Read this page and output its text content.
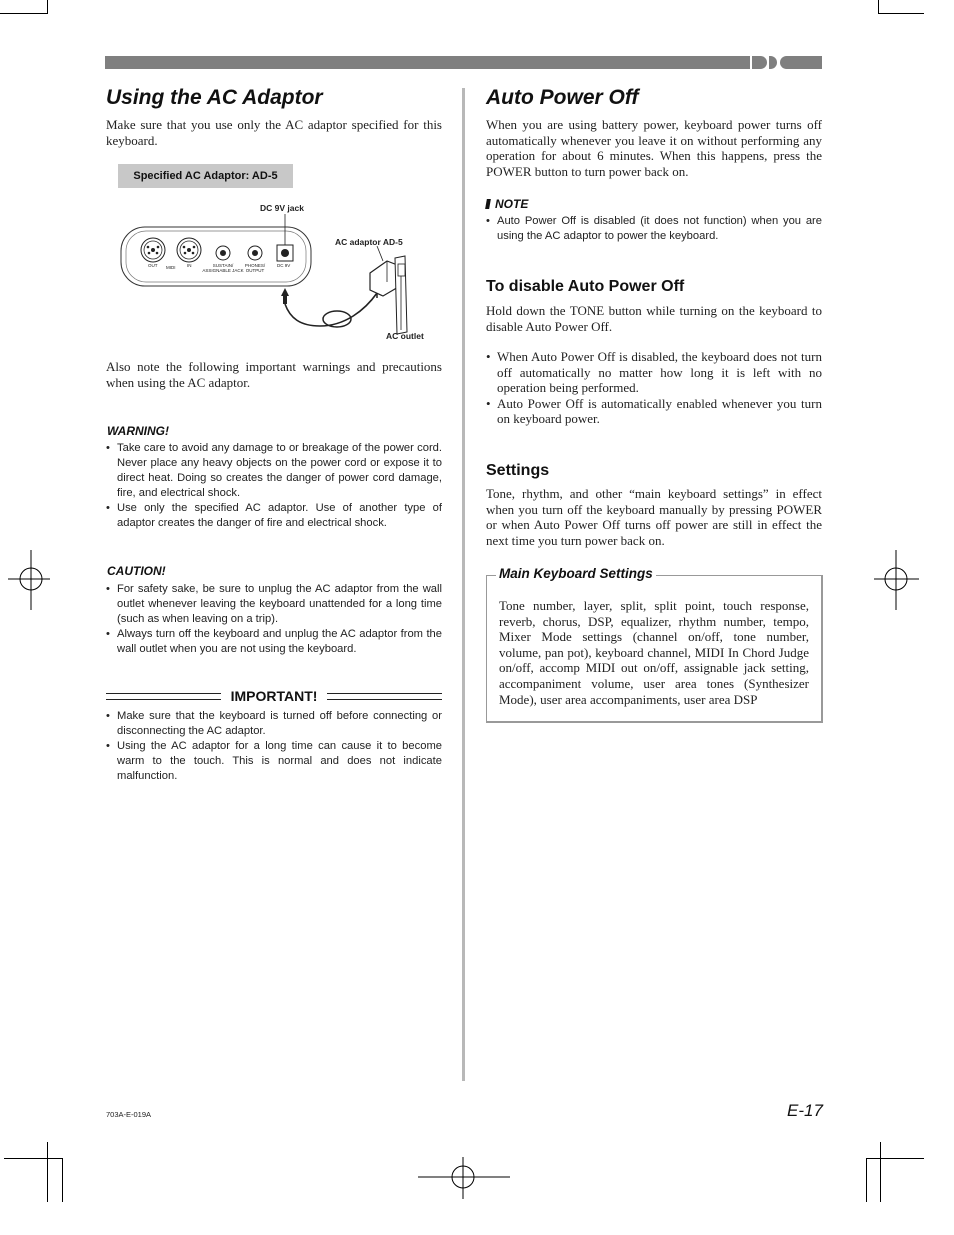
Using the AC Adaptor
Make sure that you use only the AC adaptor specified for this keyboard.
Specified AC Adaptor: AD-5
DC 9V jack
AC adaptor AD-5
AC outlet
OUT MIDI	IN	SUSTAIN/ ASSIGNABLE JACK
PHONES/ OUTPUT
DC 9V
Also note the following important warnings and precautions when using the AC adaptor.
WARNING!
• Take care to avoid any damage to or breakage of the power cord. Never place any heavy objects on the power cord or expose it to direct heat. Doing so creates the danger of power cord damage, fire, and electrical shock.
• Use only the specified AC adaptor. Use of another type of adaptor creates the danger of fire and electrical shock.
CAUTION!
• For safety sake, be sure to unplug the AC adaptor from the wall outlet whenever leaving the keyboard unattended for a long time (such as when leaving on a trip).
• Always turn off the keyboard and unplug the AC adaptor from the wall outlet when you are not using the keyboard.
IMPORTANT!
• Make sure that the keyboard is turned off before connecting or disconnecting the AC adaptor.
• Using the AC adaptor for a long time can cause it to become warm to the touch. This is normal and does not indicate malfunction.
Auto Power Off
When you are using battery power, keyboard power turns off automatically whenever you leave it on without performing any operation for about 6 minutes. When this happens, press the POWER button to turn power back on.
NOTE
• Auto Power Off is disabled (it does not function) when you are using the AC adaptor to power the keyboard.
To disable Auto Power Off
Hold down the TONE button while turning on the keyboard to disable Auto Power Off.
• When Auto Power Off is disabled, the keyboard does not turn off automatically no matter how long it is left with no operation being performed.
• Auto Power Off is automatically enabled whenever you turn on keyboard power.
Settings
Tone, rhythm, and other “main keyboard settings” in effect when you turn off the keyboard manually by pressing POWER or when Auto Power Off turns off power are still in effect the next time you turn power back on.
Main Keyboard Settings
Tone number, layer, split, split point, touch response, reverb, chorus, DSP, equalizer, rhythm number, tempo, Mixer Mode settings (channel on/off, tone number, volume, pan pot), keyboard channel, MIDI In Chord Judge on/off, accomp MIDI out on/off, assignable jack setting, accompaniment volume, user area tones (Synthesizer Mode), user area accompaniments, user area DSP
703A-E-019A	E-17
